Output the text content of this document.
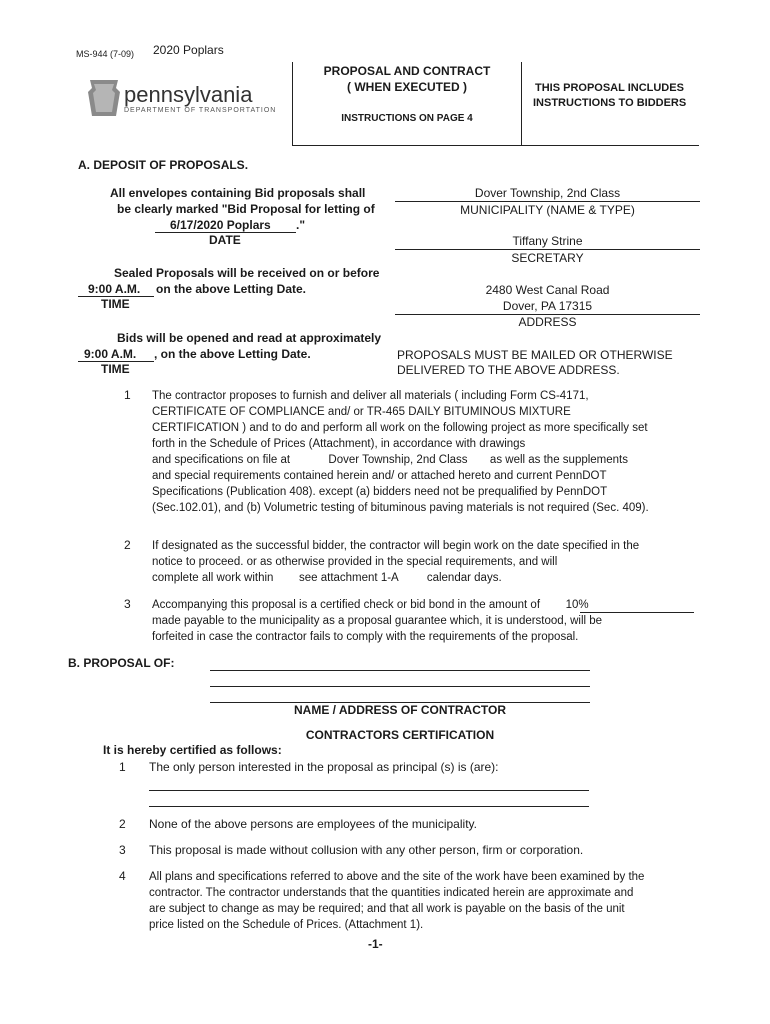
MS-944 (7-09) 2020 Poplars
pennsylvania
DEPARTMENT OF TRANSPORTATION
PROPOSAL AND CONTRACT
( WHEN EXECUTED )
INSTRUCTIONS ON PAGE 4
THIS PROPOSAL INCLUDES
INSTRUCTIONS TO BIDDERS
A. DEPOSIT OF PROPOSALS.
All envelopes containing Bid proposals shall
be clearly marked "Bid Proposal for letting of
6/17/2020 Poplars ."
DATE
Dover Township, 2nd Class
MUNICIPALITY (NAME & TYPE)
Tiffany Strine
SECRETARY
Sealed Proposals will be received on or before
9:00 A.M. on the above Letting Date.
TIME
2480 West Canal Road
Dover, PA 17315
ADDRESS
Bids will be opened and read at approximately
9:00 A.M. , on the above Letting Date.
TIME
PROPOSALS MUST BE MAILED OR OTHERWISE
DELIVERED TO THE ABOVE ADDRESS.
1 The contractor proposes to furnish and deliver all materials ( including Form CS-4171,
CERTIFICATE OF COMPLIANCE and/ or TR-465 DAILY BITUMINOUS MIXTURE
CERTIFICATION ) and to do and perform all work on the following project as more specifically set
forth in the Schedule of Prices (Attachment), in accordance with drawings
and specifications on file at            Dover Township, 2nd Class       as well as the supplements
and special requirements contained herein and/ or attached hereto and current PennDOT
Specifications (Publication 408). except (a) bidders need not be prequalified by PennDOT
(Sec.102.01), and (b) Volumetric testing of bituminous paving materials is not required (Sec. 409).
2 If designated as the successful bidder, the contractor will begin work on the date specified in the
notice to proceed. or as otherwise provided in the special requirements, and will
complete all work within        see attachment 1-A         calendar days.
3 Accompanying this proposal is a certified check or bid bond in the amount of        10%
made payable to the municipality as a proposal guarantee which, it is understood, will be
forfeited in case the contractor fails to comply with the requirements of the proposal.
B. PROPOSAL OF:
NAME / ADDRESS OF CONTRACTOR
CONTRACTORS CERTIFICATION
It is hereby certified as follows:
1 The only person interested in the proposal as principal (s) is (are):
2 None of the above persons are employees of the municipality.
3 This proposal is made without collusion with any other person, firm or corporation.
4 All plans and specifications referred to above and the site of the work have been examined by the
contractor. The contractor understands that the quantities indicated herein are approximate and
are subject to change as may be required; and that all work is payable on the basis of the unit
price listed on the Schedule of Prices. (Attachment 1).
-1-
